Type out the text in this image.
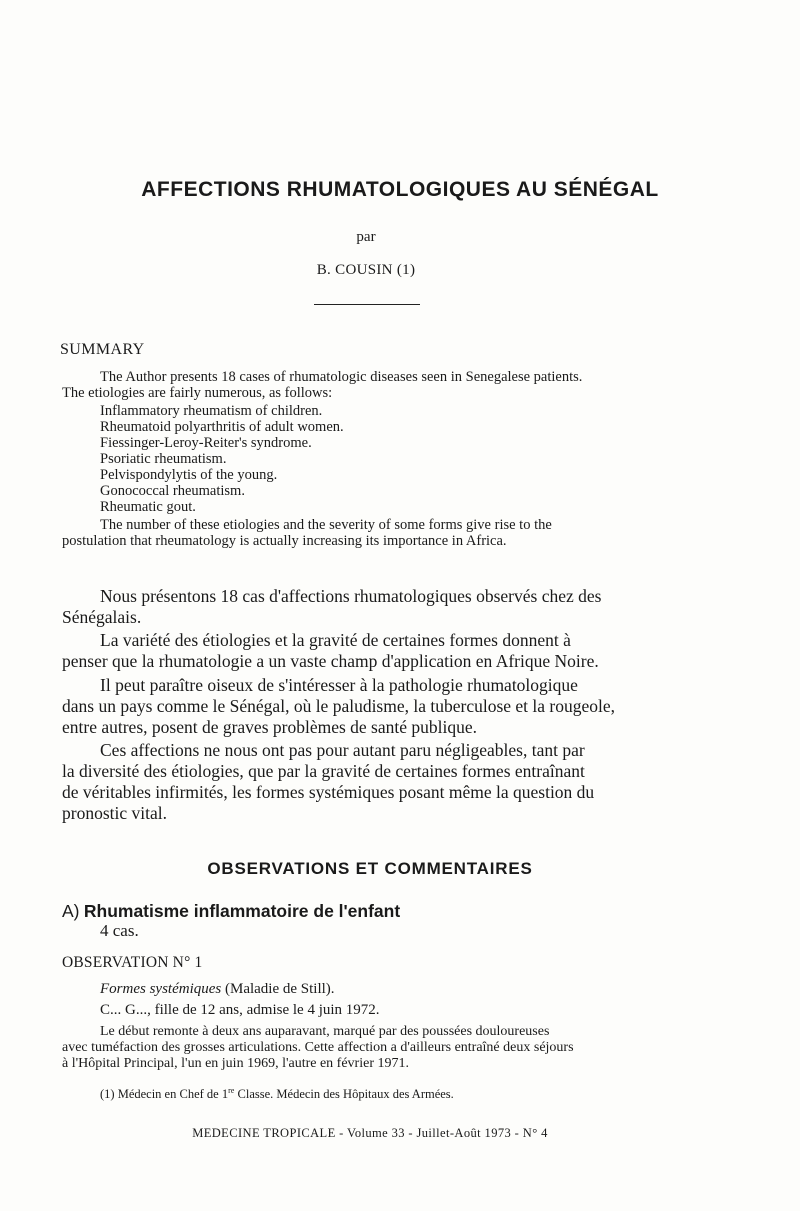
AFFECTIONS RHUMATOLOGIQUES AU SÉNÉGAL
par
B. COUSIN (1)
SUMMARY
The Author presents 18 cases of rhumatologic diseases seen in Senegalese patients.
The etiologies are fairly numerous, as follows:
Inflammatory rheumatism of children.
Rheumatoid polyarthritis of adult women.
Fiessinger-Leroy-Reiter's syndrome.
Psoriatic rheumatism.
Pelvispondylytis of the young.
Gonococcal rheumatism.
Rheumatic gout.
The number of these etiologies and the severity of some forms give rise to the
postulation that rheumatology is actually increasing its importance in Africa.
Nous présentons 18 cas d'affections rhumatologiques observés chez des
Sénégalais.
La variété des étiologies et la gravité de certaines formes donnent à
penser que la rhumatologie a un vaste champ d'application en Afrique Noire.
Il peut paraître oiseux de s'intéresser à la pathologie rhumatologique
dans un pays comme le Sénégal, où le paludisme, la tuberculose et la rougeole,
entre autres, posent de graves problèmes de santé publique.
Ces affections ne nous ont pas pour autant paru négligeables, tant par
la diversité des étiologies, que par la gravité de certaines formes entraînant
de véritables infirmités, les formes systémiques posant même la question du
pronostic vital.
OBSERVATIONS ET COMMENTAIRES
A) Rhumatisme inflammatoire de l'enfant
4 cas.
OBSERVATION N° 1
Formes systémiques (Maladie de Still).
C... G..., fille de 12 ans, admise le 4 juin 1972.
Le début remonte à deux ans auparavant, marqué par des poussées douloureuses
avec tuméfaction des grosses articulations. Cette affection a d'ailleurs entraîné deux séjours
à l'Hôpital Principal, l'un en juin 1969, l'autre en février 1971.
(1) Médecin en Chef de 1re Classe. Médecin des Hôpitaux des Armées.
MEDECINE TROPICALE - Volume 33 - Juillet-Août 1973 - N° 4
